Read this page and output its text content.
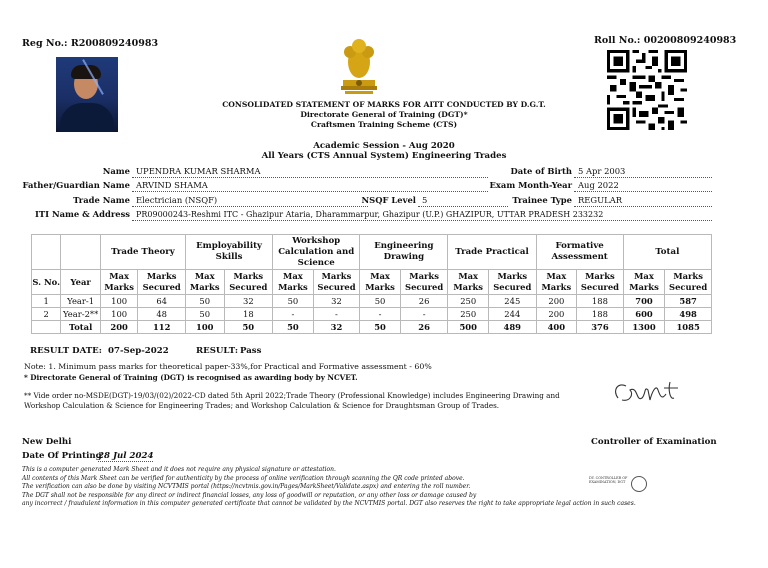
Reg No.: R200809240983	Roll No.: 00200809240983
CONSOLIDATED STATEMENT OF MARKS FOR AITT CONDUCTED BY D.G.T.
Directorate General of Training (DGT)*
Craftsmen Training Scheme (CTS)
Academic Session - Aug 2020
All Years (CTS Annual System) Engineering Trades
Name UPENDRA KUMAR SHARMA	Date of Birth 5 Apr 2003
Father/Guardian Name ARVIND SHAMA	Exam Month-Year Aug 2022
Trade Name Electrician (NSQF)	NSQF Level 5	Trainee Type REGULAR
ITI Name & Address PR09000243-Reshmi ITC - Ghazipur Ataria, Dharammarpur, Ghazipur (U.P.) GHAZIPUR, UTTAR PRADESH 233232
		Trade Theory		Employability Skills		Workshop Calculation and Science		Engineering Drawing		Trade Practical		Formative Assessment		Total	
S. No.	Year	Max Marks	Marks Secured	Max Marks	Marks Secured	Max Marks	Marks Secured	Max Marks	Marks Secured	Max Marks	Marks Secured	Max Marks	Marks Secured	Max Marks	Marks Secured
1	Year-1	100	64	50	32	50	32	50	26	250	245	200	188	700	587
2	Year-2**	100	48	50	18	-	-	-	-	250	244	200	188	600	498
	Total	200	112	100	50	50	32	50	26	500	489	400	376	1300	1085
RESULT DATE: 07-Sep-2022	RESULT: Pass
Note: 1. Minimum pass marks for theoretical paper-33%,for Practical and Formative assessment - 60%
* Directorate General of Training (DGT) is recognised as awarding body by NCVET.
** Vide order no-MSDE(DGT)-19/03/(02)/2022-CD dated 5th April 2022;Trade Theory (Professional Knowledge) includes Engineering Drawing and Workshop Calculation & Science for Engineering Trades; and Workshop Calculation & Science for Draughtsman Group of Trades.
New Delhi
Date Of Printing
28 Jul 2024
Controller of Examination
This is a computer generated Mark Sheet and it does not require any physical signature or attestation.
All contents of this Mark Sheet can be verified for authenticity by the process of online verification through scanning the QR code printed above.
The verification can also be done by visiting NCVTMIS portal (https://ncvtmis.gov.in/Pages/MarkSheet/Validate.aspx) and entering the roll number.
The DGT shall not be responsible for any direct or indirect financial losses, any loss of goodwill or reputation, or any other loss or damage caused by
any incorrect / fraudulent information in this computer generated certificate that cannot be validated by the NCVTMIS portal. DGT also reserves the right to take appropriate legal action in such cases.
DY. CONTROLLER OF
EXAMINATION, DGT
